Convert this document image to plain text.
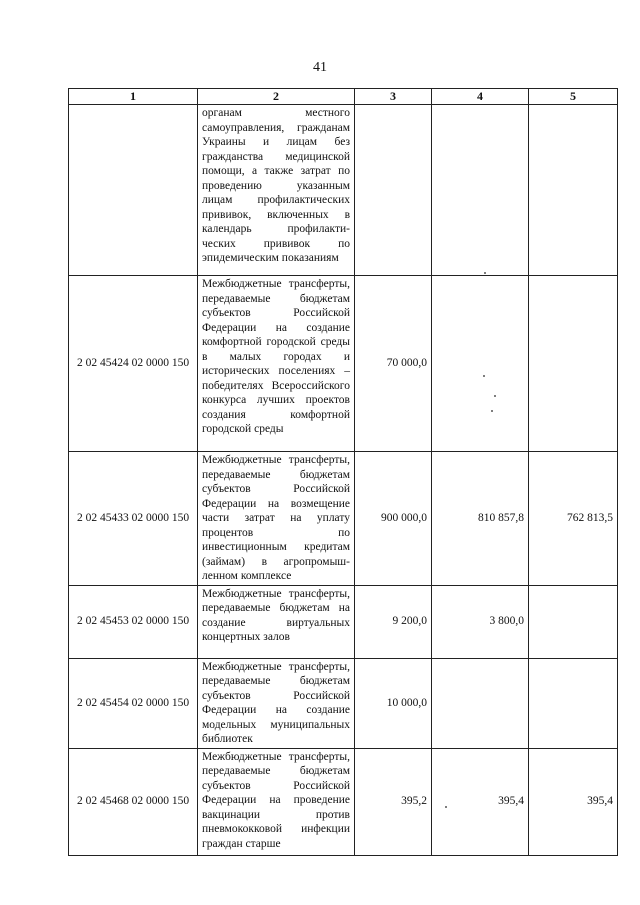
41
1	2	3	4	5
	органам местного самоуправления, гражданам Украины и лицам без гражданства медицинской помощи, а также затрат по проведению указанным лицам профилактических прививок, включенных в календарь профилакти-ческих прививок по эпидемическим показаниям			
2 02 45424 02 0000 150	Межбюджетные трансферты, передаваемые бюджетам субъектов Российской Федерации на создание комфортной городской среды в малых городах и исторических поселениях – победителях Всероссийского конкурса лучших проектов создания комфортной городской среды	70 000,0		
2 02 45433 02 0000 150	Межбюджетные трансферты, передаваемые бюджетам субъектов Российской Федерации на возмещение части затрат на уплату процентов по инвестиционным кредитам (займам) в агропромыш-ленном комплексе	900 000,0	810 857,8	762 813,5
2 02 45453 02 0000 150	Межбюджетные трансферты, передаваемые бюджетам на создание виртуальных концертных залов	9 200,0	3 800,0	
2 02 45454 02 0000 150	Межбюджетные трансферты, передаваемые бюджетам субъектов Российской Федерации на создание модельных муниципальных библиотек	10 000,0		
2 02 45468 02 0000 150	Межбюджетные трансферты, передаваемые бюджетам субъектов Российской Федерации на проведение вакцинации против пневмококковой инфекции граждан старше	395,2	395,4	395,4
